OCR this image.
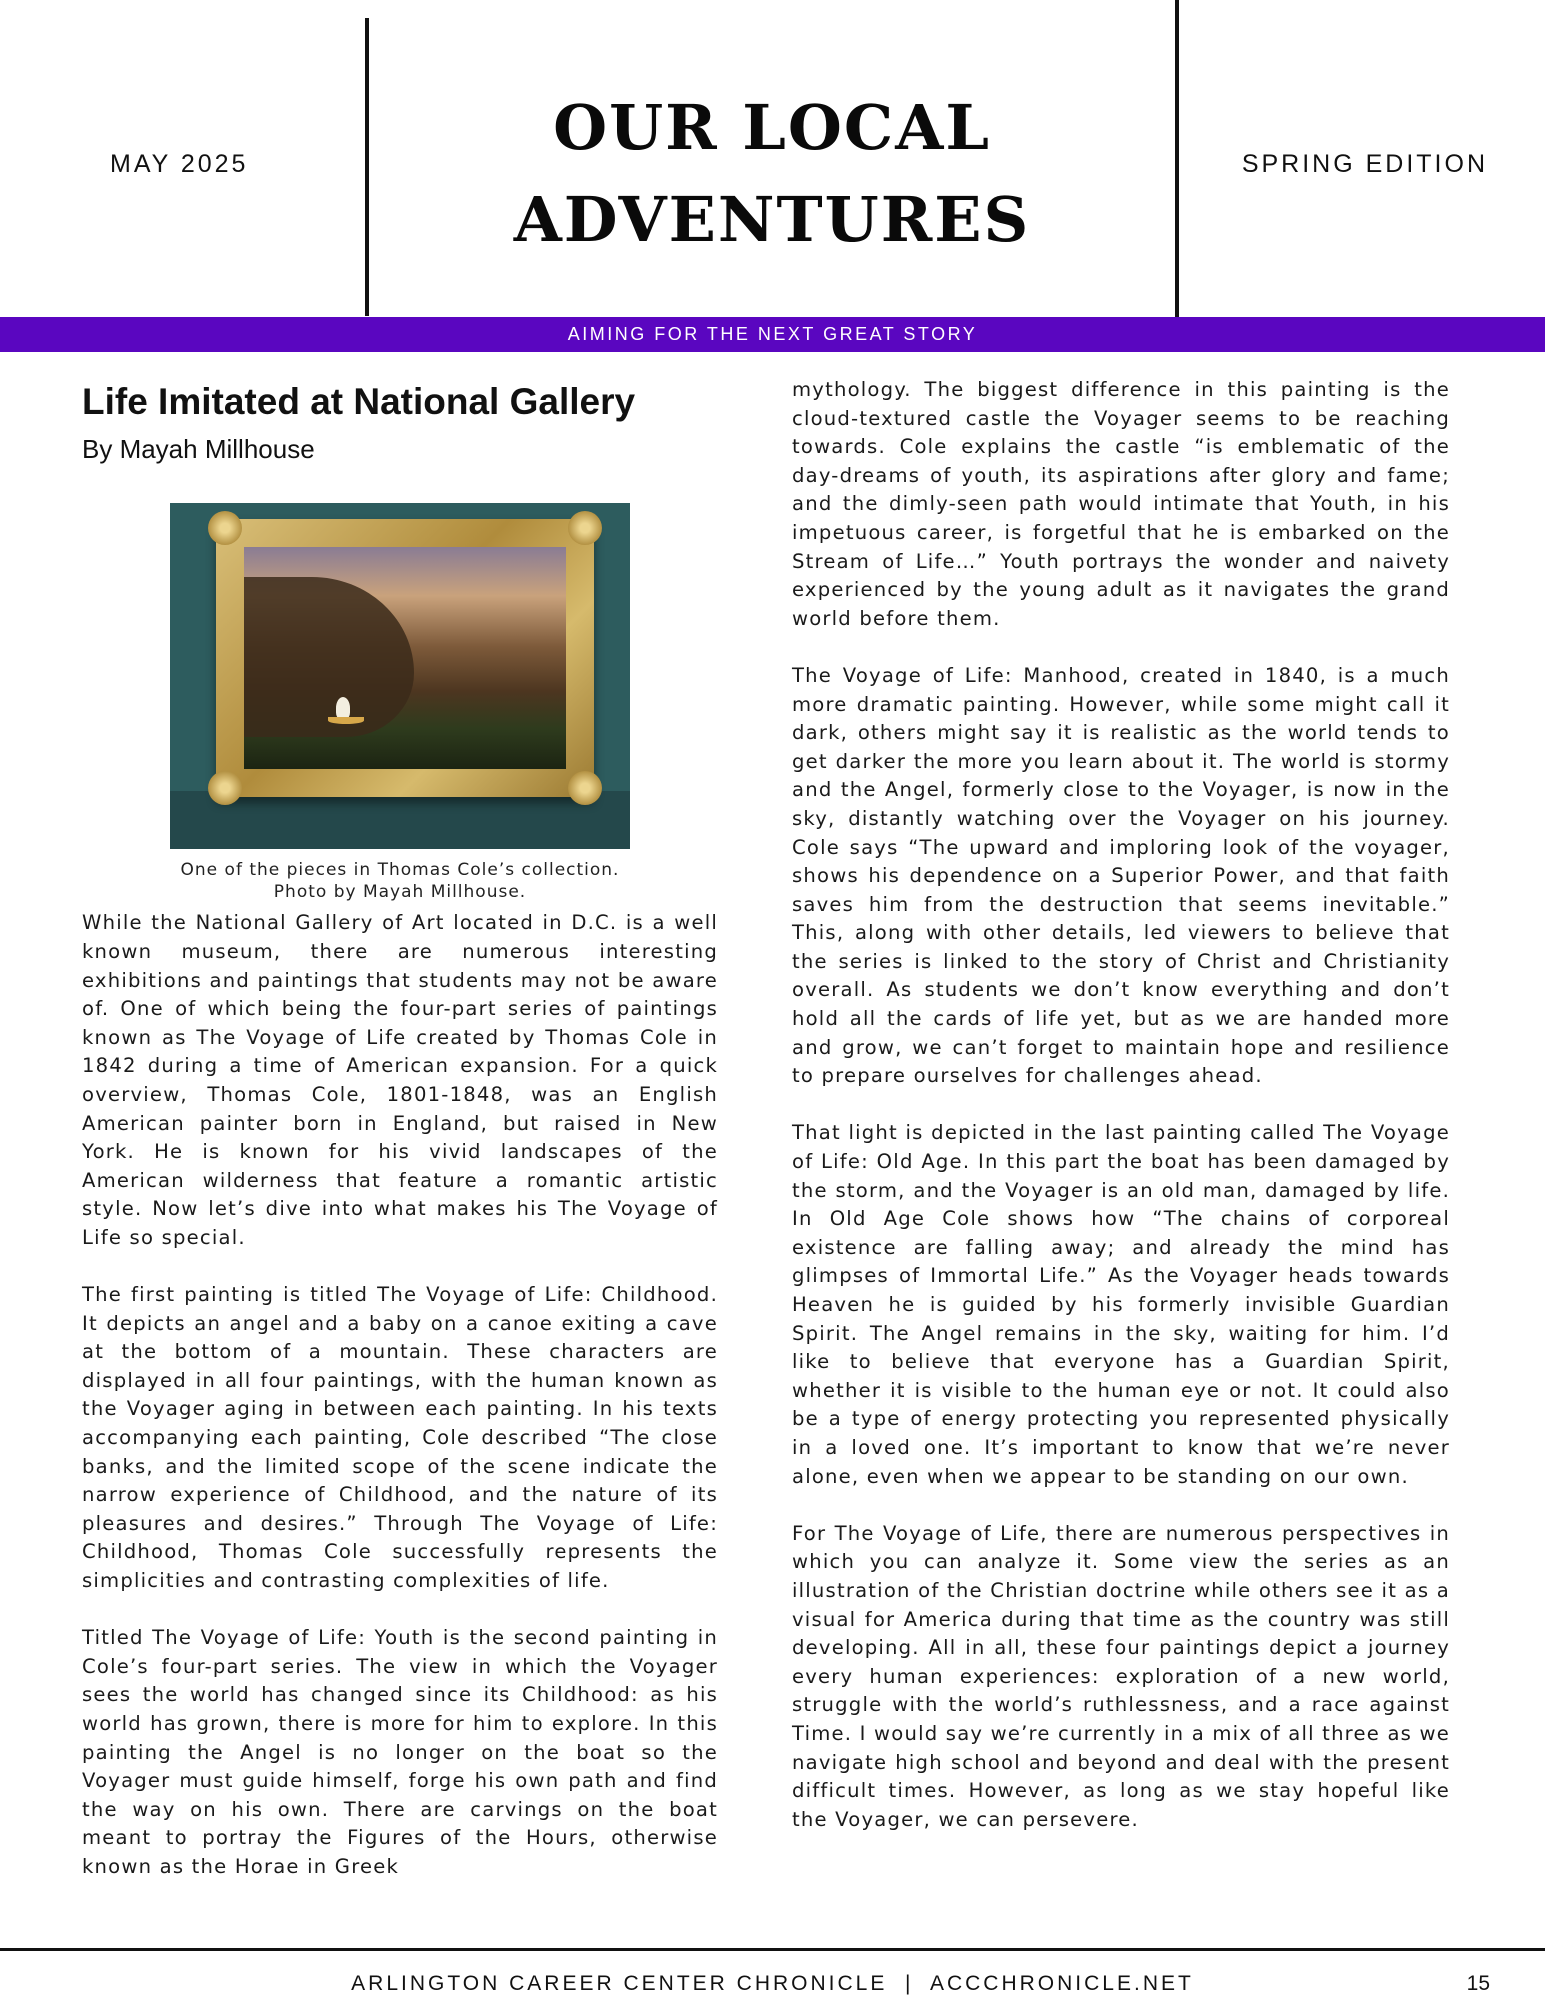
MAY 2025	OUR LOCAL
ADVENTURES
SPRING EDITION
AIMING FOR THE NEXT GREAT STORY
Life Imitated at National Gallery
By Mayah Millhouse
One of the pieces in Thomas Cole’s collection.
Photo by Mayah Millhouse.

While the National Gallery of Art located in D.C. is a well known museum, there are numerous interesting exhibitions and paintings that students may not be aware of. One of which being the four-part series of paintings known as The Voyage of Life created by Thomas Cole in 1842 during a time of American expansion. For a quick overview, Thomas Cole, 1801-1848, was an English American painter born in England, but raised in New York. He is known for his vivid landscapes of the American wilderness that feature a romantic artistic style. Now let’s dive into what makes his The Voyage of Life so special.

The first painting is titled The Voyage of Life: Childhood. It depicts an angel and a baby on a canoe exiting a cave at the bottom of a mountain. These characters are displayed in all four paintings, with the human known as the Voyager aging in between each painting. In his texts accompanying each painting, Cole described “The close banks, and the limited scope of the scene indicate the narrow experience of Childhood, and the nature of its pleasures and desires.” Through The Voyage of Life: Childhood, Thomas Cole successfully represents the simplicities and contrasting complexities of life.

Titled The Voyage of Life: Youth is the second painting in Cole’s four-part series. The view in which the Voyager sees the world has changed since its Childhood: as his world has grown, there is more for him to explore. In this painting the Angel is no longer on the boat so the Voyager must guide himself, forge his own path and find the way on his own. There are carvings on the boat meant to portray the Figures of the Hours, otherwise known as the Horae in Greek

mythology. The biggest difference in this painting is the cloud-textured castle the Voyager seems to be reaching towards. Cole explains the castle “is emblematic of the day-dreams of youth, its aspirations after glory and fame; and the dimly-seen path would intimate that Youth, in his impetuous career, is forgetful that he is embarked on the Stream of Life…” Youth portrays the wonder and naivety experienced by the young adult as it navigates the grand world before them.

The Voyage of Life: Manhood, created in 1840, is a much more dramatic painting. However, while some might call it dark, others might say it is realistic as the world tends to get darker the more you learn about it. The world is stormy and the Angel, formerly close to the Voyager, is now in the sky, distantly watching over the Voyager on his journey. Cole says “The upward and imploring look of the voyager, shows his dependence on a Superior Power, and that faith saves him from the destruction that seems inevitable.” This, along with other details, led viewers to believe that the series is linked to the story of Christ and Christianity overall. As students we don’t know everything and don’t hold all the cards of life yet, but as we are handed more and grow, we can’t forget to maintain hope and resilience to prepare ourselves for challenges ahead.

That light is depicted in the last painting called The Voyage of Life: Old Age. In this part the boat has been damaged by the storm, and the Voyager is an old man, damaged by life. In Old Age Cole shows how “The chains of corporeal existence are falling away; and already the mind has glimpses of Immortal Life.” As the Voyager heads towards Heaven he is guided by his formerly invisible Guardian Spirit. The Angel remains in the sky, waiting for him. I’d like to believe that everyone has a Guardian Spirit, whether it is visible to the human eye or not. It could also be a type of energy protecting you represented physically in a loved one. It’s important to know that we’re never alone, even when we appear to be standing on our own.

For The Voyage of Life, there are numerous perspectives in which you can analyze it. Some view the series as an illustration of the Christian doctrine while others see it as a visual for America during that time as the country was still developing. All in all, these four paintings depict a journey every human experiences: exploration of a new world, struggle with the world’s ruthlessness, and a race against Time. I would say we’re currently in a mix of all three as we navigate high school and beyond and deal with the present difficult times. However, as long as we stay hopeful like the Voyager, we can persevere.

ARLINGTON CAREER CENTER CHRONICLE  |  ACCCHRONICLE.NET	15
